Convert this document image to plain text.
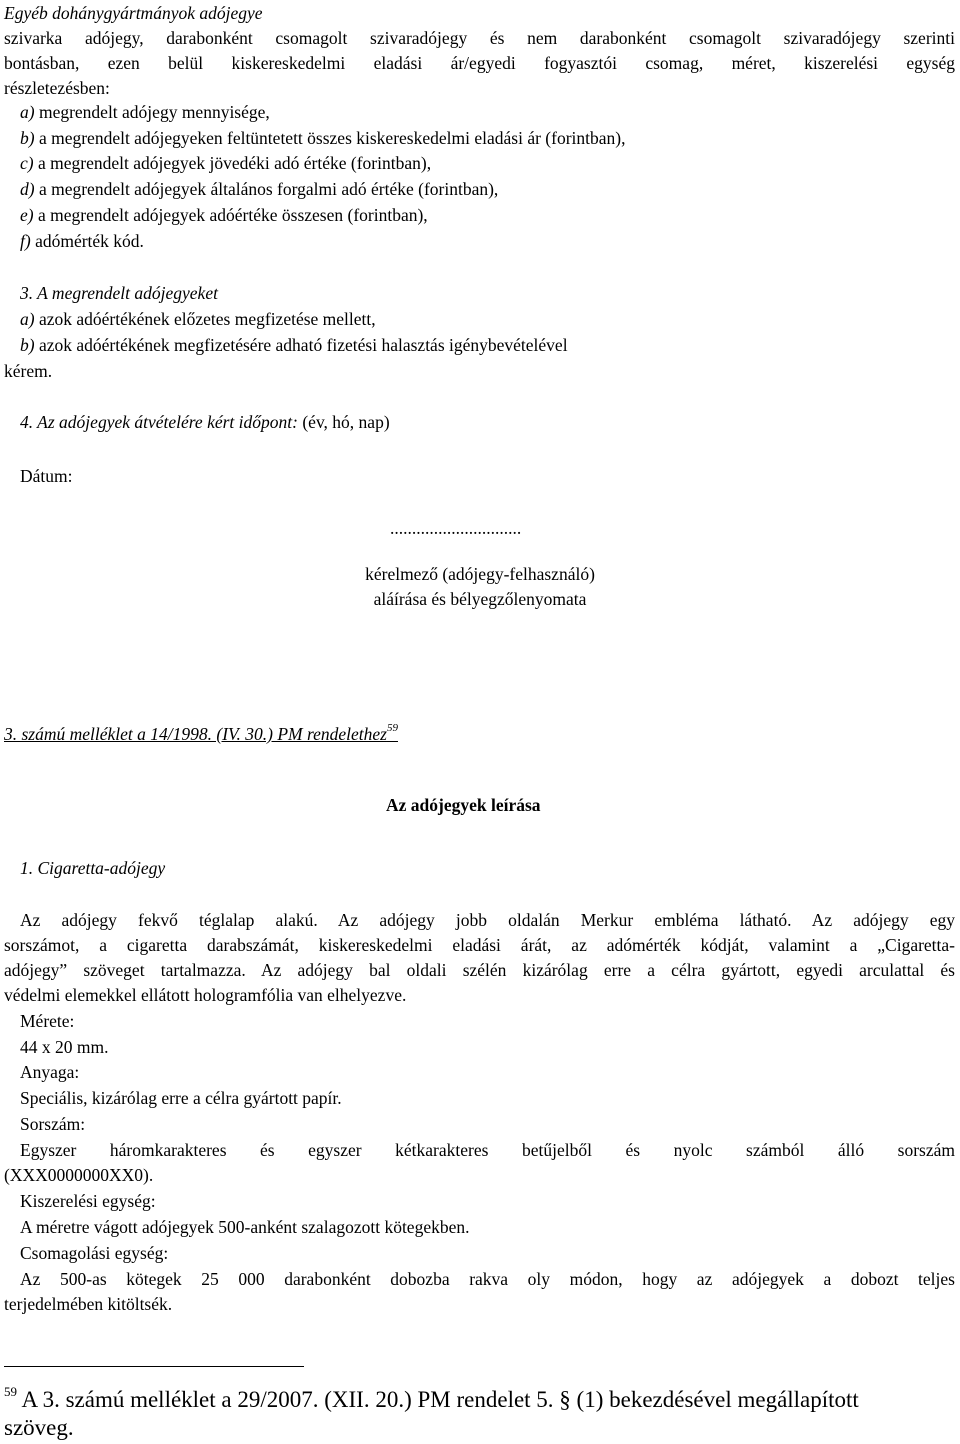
Egyéb dohánygyártmányok adójegye
szivarka adójegy, darabonként csomagolt szivaradójegy és nem darabonként csomagolt szivaradójegy szerinti
bontásban, ezen belül kiskereskedelmi eladási ár/egyedi fogyasztói csomag, méret, kiszerelési egység
részletezésben:
a) megrendelt adójegy mennyisége,
b) a megrendelt adójegyeken feltüntetett összes kiskereskedelmi eladási ár (forintban),
c) a megrendelt adójegyek jövedéki adó értéke (forintban),
d) a megrendelt adójegyek általános forgalmi adó értéke (forintban),
e) a megrendelt adójegyek adóértéke összesen (forintban),
f) adómérték kód.
3. A megrendelt adójegyeket
a) azok adóértékének előzetes megfizetése mellett,
b) azok adóértékének megfizetésére adható fizetési halasztás igénybevételével
kérem.
4. Az adójegyek átvételére kért időpont: (év, hó, nap)
Dátum:
..............................
kérelmező (adójegy-felhasználó)
aláírása és bélyegzőlenyomata
3. számú melléklet a 14/1998. (IV. 30.) PM rendelethez$^{59}$
Az adójegyek leírása
1. Cigaretta-adójegy
Az adójegy fekvő téglalap alakú. Az adójegy jobb oldalán Merkur embléma látható. Az adójegy egy
sorszámot, a cigaretta darabszámát, kiskereskedelmi eladási árát, az adómérték kódját, valamint a „Cigaretta-
adójegy” szöveget tartalmazza. Az adójegy bal oldali szélén kizárólag erre a célra gyártott, egyedi arculattal és
védelmi elemekkel ellátott hologramfólia van elhelyezve.
Mérete:
44 x 20 mm.
Anyaga:
Speciális, kizárólag erre a célra gyártott papír.
Sorszám:
Egyszer háromkarakteres és egyszer kétkarakteres betűjelből és nyolc számból álló sorszám
(XXX0000000XX0).
Kiszerelési egység:
A méretre vágott adójegyek 500-anként szalagozott kötegekben.
Csomagolási egység:
Az 500-as kötegek 25 000 darabonként dobozba rakva oly módon, hogy az adójegyek a dobozt teljes
terjedelmében kitöltsék.
$^{59}$ A 3. számú melléklet a 29/2007. (XII. 20.) PM rendelet 5. § (1) bekezdésével megállapított
szöveg.
